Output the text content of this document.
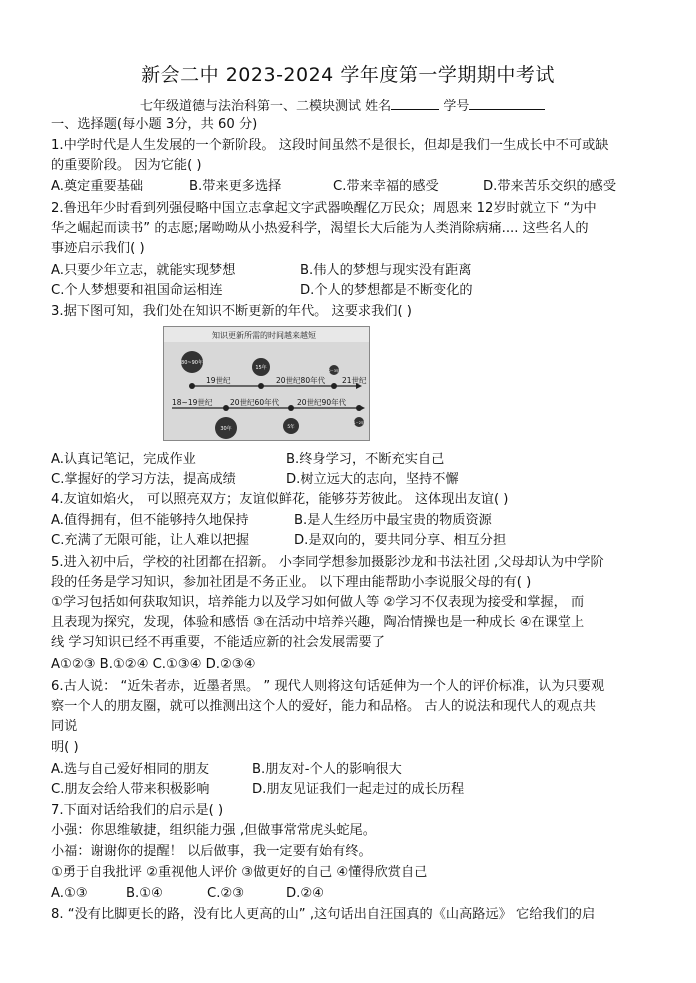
新会二中 2023-2024 学年度第一学期期中考试
七年级道德与法治科第一、二模块测试 姓名	学号
一、选择题(每小题 3分，共 60 分)
1.中学时代是人生发展的一个新阶段。 这段时间虽然不是很长，但却是我们一生成长中不可或缺
的重要阶段。 因为它能( )
A.奠定重要基础	B.带来更多选择	C.带来幸福的感受	D.带来苦乐交织的感受
2.鲁迅年少时看到列强侵略中国立志拿起文字武器唤醒亿万民众；周恩来 12岁时就立下 “为中
华之崛起而读书” 的志愿;屠呦呦从小热爱科学，渴望长大后能为人类消除病痛.... 这些名人的
事迹启示我们( )
A.只要少年立志，就能实现梦想	B.伟人的梦想与现实没有距离
C.个人梦想要和祖国命运相连	D.个人的梦想都是不断变化的
3.据下图可知，我们处在知识不断更新的年代。 这要求我们( )
知识更新所需的时间越来越短
80~90年
30年
15年
5年
2~3年
1~2年
18~19世纪
19世纪
20世纪60年代
20世纪80年代
20世纪90年代
21世纪
A.认真记笔记，完成作业	B.终身学习，不断充实自己
C.掌握好的学习方法，提高成绩	D.树立远大的志向，坚持不懈
4.友谊如焰火， 可以照亮双方；友谊似鲜花，能够芬芳彼此。 这体现出友谊( )
A.值得拥有，但不能够持久地保持	B.是人生经历中最宝贵的物质资源
C.充满了无限可能，让人难以把握	D.是双向的，要共同分享、相互分担
5.进入初中后，学校的社团都在招新。 小李同学想参加摄影沙龙和书法社团 ,父母却认为中学阶
段的任务是学习知识，参加社团是不务正业。 以下理由能帮助小李说服父母的有( )
①学习包括如何获取知识，培养能力以及学习如何做人等 ②学习不仅表现为接受和掌握， 而
且表现为探究，发现，体验和感悟 ③在活动中培养兴趣，陶冶情操也是一种成长 ④在课堂上
线 学习知识已经不再重要，不能适应新的社会发展需要了
A①②③ B.①②④ C.①③④ D.②③④
6.古人说： “近朱者赤，近墨者黑。 ” 现代人则将这句话延伸为一个人的评价标准，认为只要观
察一个人的朋友圈，就可以推测出这个人的爱好，能力和品格。 古人的说法和现代人的观点共
同说
明( )
A.选与自己爱好相同的朋友	B.朋友对-个人的影响很大
C.朋友会给人带来积极影响	D.朋友见证我们一起走过的成长历程
7.下面对话给我们的启示是( )
小强：你思维敏捷，组织能力强 ,但做事常常虎头蛇尾。
小福：谢谢你的提醒！ 以后做事，我一定要有始有终。
①勇于自我批评 ②重视他人评价 ③做更好的自己 ④懂得欣赏自己
A.①③	B.①④	C.②③	D.②④
8. “没有比脚更长的路，没有比人更高的山” ,这句话出自汪国真的《山高路远》 它给我们的启
